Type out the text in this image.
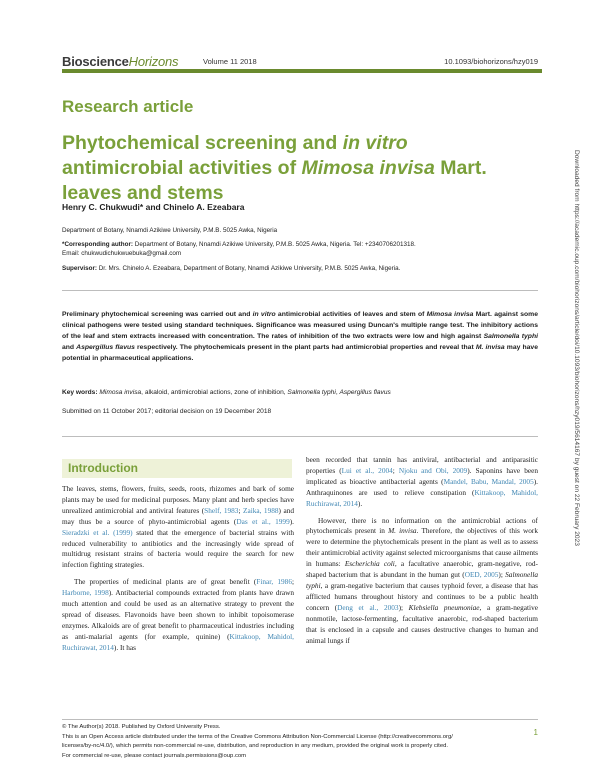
BioscienceHorizons	Volume 11 2018	10.1093/biohorizons/hzy019
Research article
Phytochemical screening and in vitro antimicrobial activities of Mimosa invisa Mart. leaves and stems
Henry C. Chukwudi* and Chinelo A. Ezeabara
Department of Botany, Nnamdi Azikiwe University, P.M.B. 5025 Awka, Nigeria
*Corresponding author: Department of Botany, Nnamdi Azikiwe University, P.M.B. 5025 Awka, Nigeria. Tel: +2340706201318.
Email: chukwudichukwuebuka@gmail.com
Supervisor: Dr. Mrs. Chinelo A. Ezeabara, Department of Botany, Nnamdi Azikiwe University, P.M.B. 5025 Awka, Nigeria.
Preliminary phytochemical screening was carried out and in vitro antimicrobial activities of leaves and stem of Mimosa invisa Mart. against some clinical pathogens were tested using standard techniques. Significance was measured using Duncan's multiple range test. The inhibitory actions of the leaf and stem extracts increased with concentration. The rates of inhibition of the two extracts were low and high against Salmonella typhi and Aspergillus flavus respectively. The phytochemicals present in the plant parts had antimicrobial properties and reveal that M. invisa may have potential in pharmaceutical applications.
Key words: Mimosa invisa, alkaloid, antimicrobial actions, zone of inhibition, Salmonella typhi, Aspergillus flavus
Submitted on 11 October 2017; editorial decision on 19 December 2018
Introduction

The leaves, stems, flowers, fruits, seeds, roots, rhizomes and bark of some plants may be used for medicinal purposes. Many plant and herb species have unrealized antimicrobial and antiviral features (Shelf, 1983; Zaika, 1988) and may thus be a source of phyto-antimicrobial agents (Das et al., 1999). Sieradzki et al. (1999) stated that the emergence of bacterial strains with reduced vulnerability to antibiotics and the increasingly wide spread of multidrug resistant strains of bacteria would require the search for new infection fighting strategies.

The properties of medicinal plants are of great benefit (Finar, 1986; Harborne, 1998). Antibacterial compounds extracted from plants have drawn much attention and could be used as an alternative strategy to prevent the spread of diseases. Flavonoids have been shown to inhibit topoisomerase enzymes. Alkaloids are of great benefit to pharmaceutical industries including as anti-malarial agents (for example, quinine) (Kittakoop, Mahidol, Ruchirawat, 2014). It has

been recorded that tannin has antiviral, antibacterial and antiparasitic properties (Lui et al., 2004; Njoku and Obi, 2009). Saponins have been implicated as bioactive antibacterial agents (Mandel, Babu, Mandal, 2005). Anthraquinones are used to relieve constipation (Kittakoop, Mahidol, Ruchirawat, 2014).

However, there is no information on the antimicrobial actions of phytochemicals present in M. invisa. Therefore, the objectives of this work were to determine the phytochemicals present in the plant as well as to assess their antimicrobial activity against selected microorganisms that cause ailments in humans: Escherichia coli, a facultative anaerobic, gram-negative, rod-shaped bacterium that is abundant in the human gut (OED, 2005); Salmonella typhi, a gram-negative bacterium that causes typhoid fever, a disease that has afflicted humans throughout history and continues to be a public health concern (Deng et al., 2003); Klebsiella pneumoniae, a gram-negative nonmotile, lactose-fermenting, facultative anaerobic, rod-shaped bacterium that is enclosed in a capsule and causes destructive changes to human and animal lungs if

© The Author(s) 2018. Published by Oxford University Press.
This is an Open Access article distributed under the terms of the Creative Commons Attribution Non-Commercial License (http://creativecommons.org/
licenses/by-nc/4.0/), which permits non-commercial re-use, distribution, and reproduction in any medium, provided the original work is properly cited.
For commercial re-use, please contact journals.permissions@oup.com
1
Downloaded from https://academic.oup.com/biohorizons/article/doi/10.1093/biohorizons/hzy019/5614167 by guest on 22 February 2023
